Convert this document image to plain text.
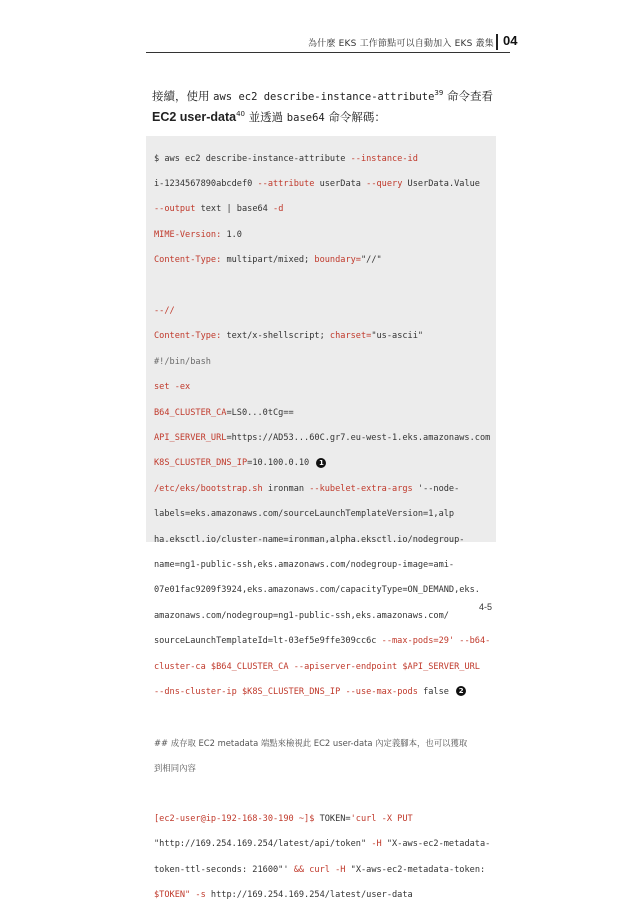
為什麼 EKS 工作節點可以自動加入 EKS 叢集 04
接續，使用 aws ec2 describe-instance-attribute$^{39}$ 命令查看 EC2 user-data$^{40}$ 並透過 base64 命令解碼：

$ aws ec2 describe-instance-attribute --instance-id

i-1234567890abcdef0 --attribute userData --query UserData.Value

--output text | base64 -d

MIME-Version: 1.0

Content-Type: multipart/mixed; boundary="//"

--//

Content-Type: text/x-shellscript; charset="us-ascii"

#!/bin/bash

set -ex

B64_CLUSTER_CA=LS0...0tCg==

API_SERVER_URL=https://AD53...60C.gr7.eu-west-1.eks.amazonaws.com

K8S_CLUSTER_DNS_IP=10.100.0.10 1

/etc/eks/bootstrap.sh ironman --kubelet-extra-args '--node-

labels=eks.amazonaws.com/sourceLaunchTemplateVersion=1,alp

ha.eksctl.io/cluster-name=ironman,alpha.eksctl.io/nodegroup-

name=ng1-public-ssh,eks.amazonaws.com/nodegroup-image=ami-

07e01fac9209f3924,eks.amazonaws.com/capacityType=ON_DEMAND,eks.

amazonaws.com/nodegroup=ng1-public-ssh,eks.amazonaws.com/

sourceLaunchTemplateId=lt-03ef5e9ffe309cc6c --max-pods=29' --b64-

cluster-ca $B64_CLUSTER_CA --apiserver-endpoint $API_SERVER_URL

--dns-cluster-ip $K8S_CLUSTER_DNS_IP --use-max-pods false 2

## 成存取 EC2 metadata 端點來檢視此 EC2 user-data 內定義腳本，也可以獲取

到相同內容

[ec2-user@ip-192-168-30-190 ~]$ TOKEN='curl -X PUT

"http://169.254.169.254/latest/api/token" -H "X-aws-ec2-metadata-

token-ttl-seconds: 21600"' && curl -H "X-aws-ec2-metadata-token:

$TOKEN" -s http://169.254.169.254/latest/user-data

4-5
